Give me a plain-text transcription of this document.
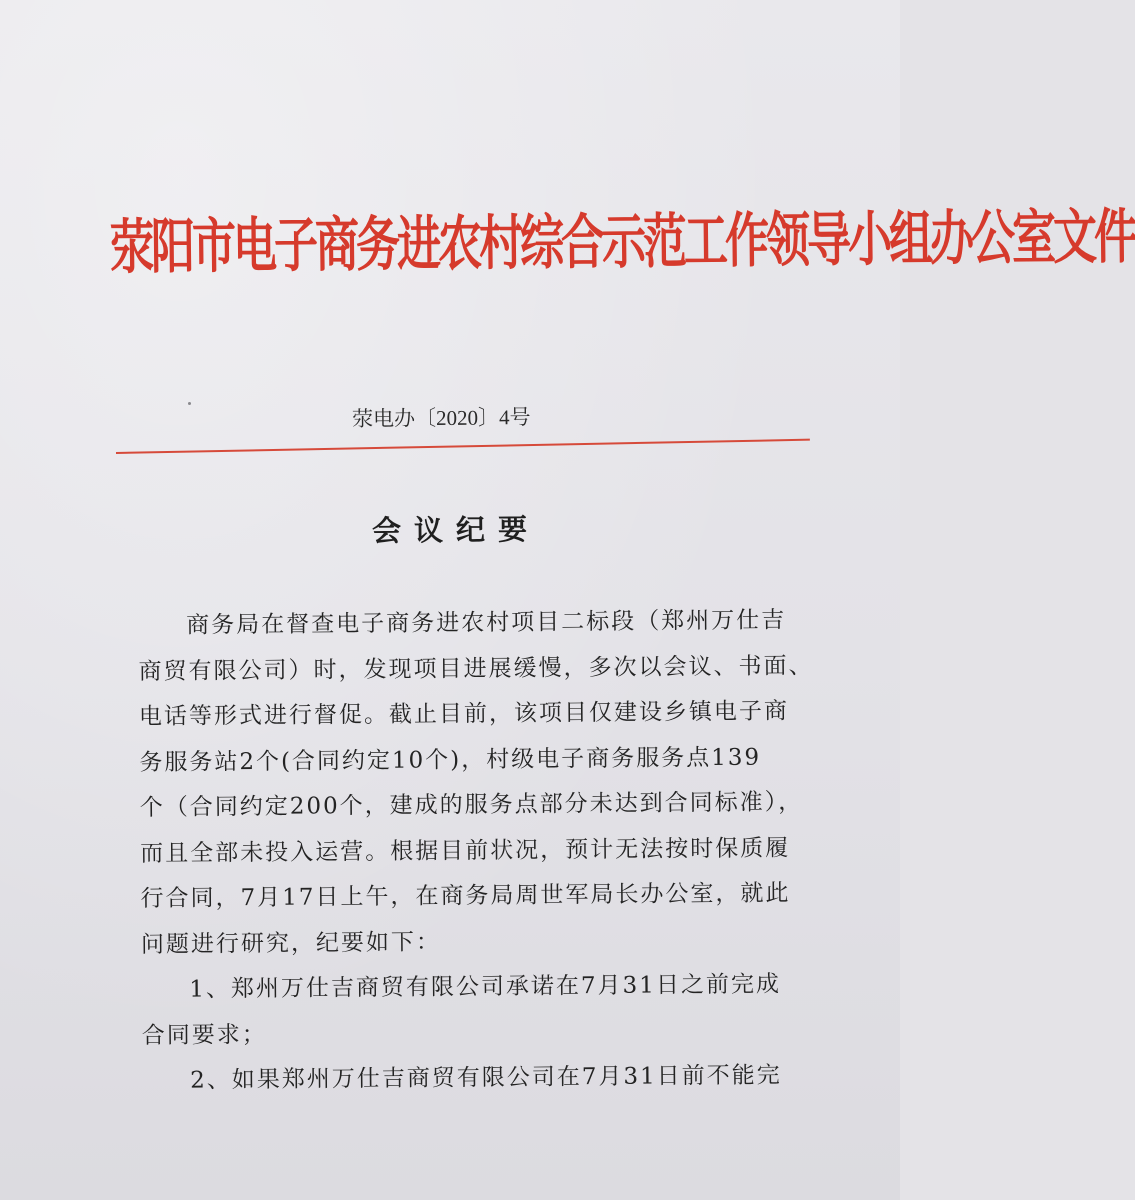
荥阳市电子商务进农村综合示范工作领导小组办公室文件
荥电办〔2020〕4号
会议纪要
商务局在督查电子商务进农村项目二标段（郑州万仕吉
商贸有限公司）时，发现项目进展缓慢，多次以会议、书面、
电话等形式进行督促。截止目前，该项目仅建设乡镇电子商
务服务站2个(合同约定10个)，村级电子商务服务点139
个（合同约定200个，建成的服务点部分未达到合同标准），
而且全部未投入运营。根据目前状况，预计无法按时保质履
行合同，7月17日上午，在商务局周世军局长办公室，就此
问题进行研究，纪要如下：
1、郑州万仕吉商贸有限公司承诺在7月31日之前完成
合同要求；
2、如果郑州万仕吉商贸有限公司在7月31日前不能完
